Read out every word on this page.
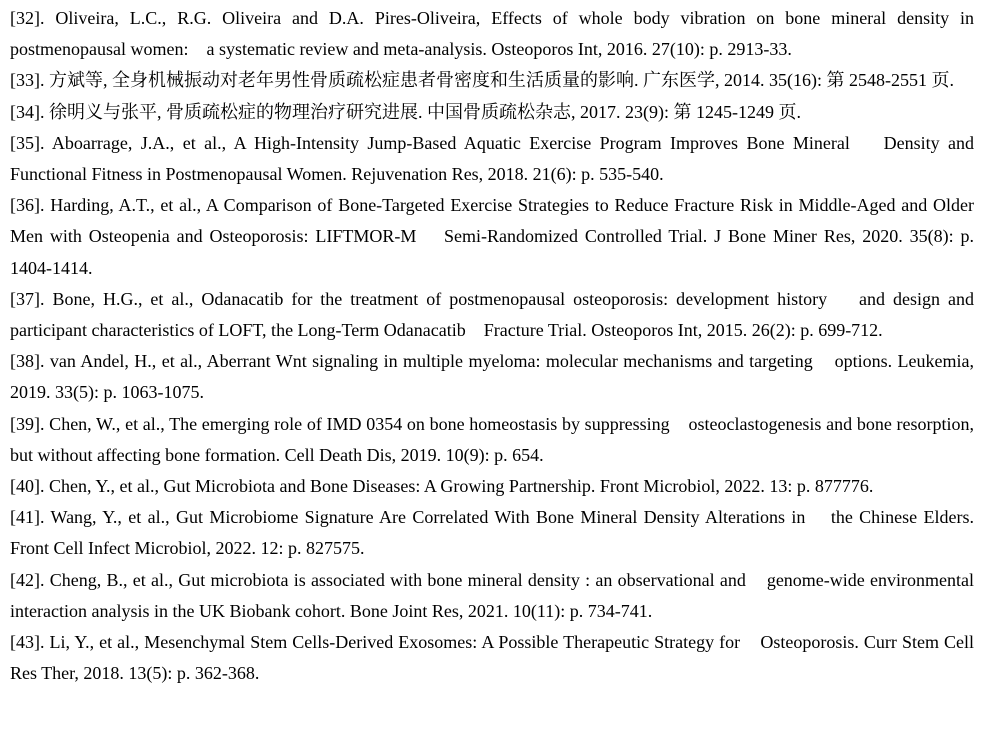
[32]. Oliveira, L.C., R.G. Oliveira and D.A. Pires-Oliveira, Effects of whole body vibration on bone mineral density in postmenopausal women:    a systematic review and meta-analysis. Osteoporos Int, 2016. 27(10): p. 2913-33.

[33]. 方斌等, 全身机械振动对老年男性骨质疏松症患者骨密度和生活质量的影响. 广东医学, 2014. 35(16): 第 2548-2551 页.

[34]. 徐明义与张平, 骨质疏松症的物理治疗研究进展. 中国骨质疏松杂志, 2017. 23(9): 第 1245-1249 页.

[35]. Aboarrage, J.A., et al., A High-Intensity Jump-Based Aquatic Exercise Program Improves Bone Mineral    Density and Functional Fitness in Postmenopausal Women. Rejuvenation Res, 2018. 21(6): p. 535-540.

[36]. Harding, A.T., et al., A Comparison of Bone-Targeted Exercise Strategies to Reduce Fracture Risk in Middle-Aged and Older Men with Osteopenia and Osteoporosis: LIFTMOR-M    Semi-Randomized Controlled Trial. J Bone Miner Res, 2020. 35(8): p. 1404-1414.

[37]. Bone, H.G., et al., Odanacatib for the treatment of postmenopausal osteoporosis: development history    and design and participant characteristics of LOFT, the Long-Term Odanacatib    Fracture Trial. Osteoporos Int, 2015. 26(2): p. 699-712.

[38]. van Andel, H., et al., Aberrant Wnt signaling in multiple myeloma: molecular mechanisms and targeting    options. Leukemia, 2019. 33(5): p. 1063-1075.

[39]. Chen, W., et al., The emerging role of IMD 0354 on bone homeostasis by suppressing    osteoclastogenesis and bone resorption, but without affecting bone formation. Cell Death Dis, 2019. 10(9): p. 654.

[40]. Chen, Y., et al., Gut Microbiota and Bone Diseases: A Growing Partnership. Front Microbiol, 2022. 13: p. 877776.

[41]. Wang, Y., et al., Gut Microbiome Signature Are Correlated With Bone Mineral Density Alterations in    the Chinese Elders. Front Cell Infect Microbiol, 2022. 12: p. 827575.

[42]. Cheng, B., et al., Gut microbiota is associated with bone mineral density : an observational and    genome-wide environmental interaction analysis in the UK Biobank cohort. Bone Joint Res, 2021. 10(11): p. 734-741.

[43]. Li, Y., et al., Mesenchymal Stem Cells-Derived Exosomes: A Possible Therapeutic Strategy for    Osteoporosis. Curr Stem Cell Res Ther, 2018. 13(5): p. 362-368.
